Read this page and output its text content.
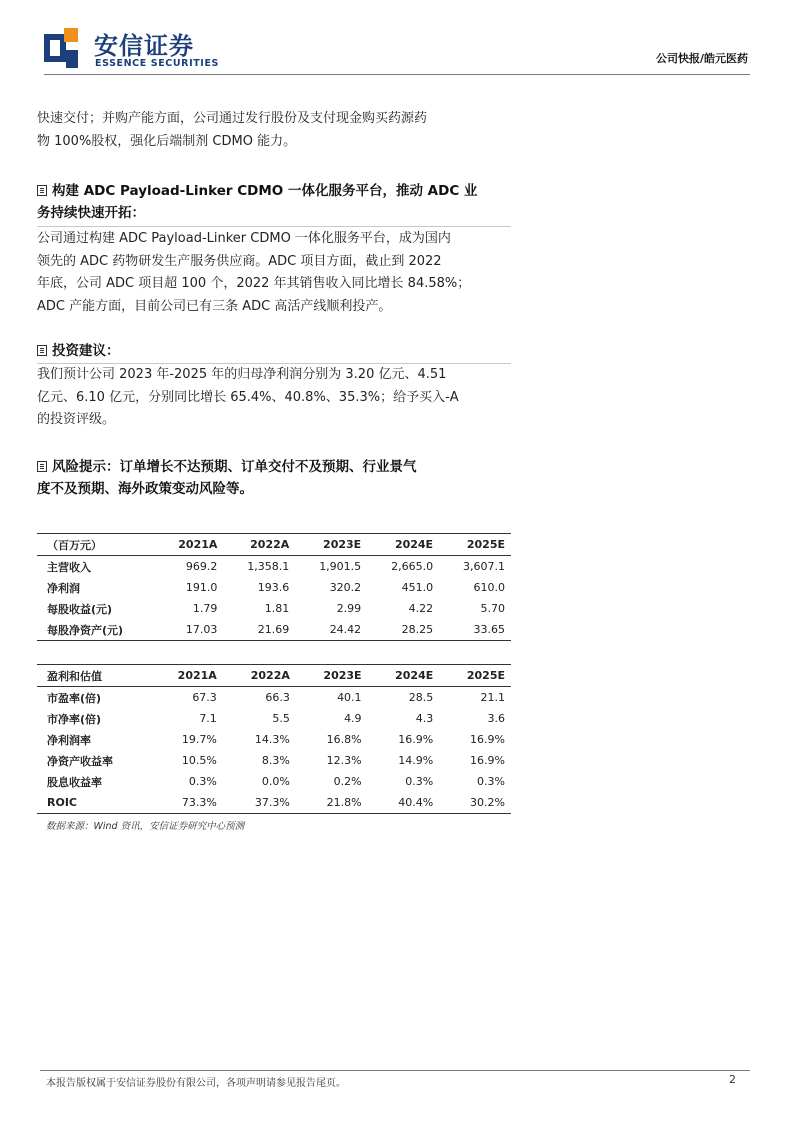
安信证券
ESSENCE SECURITIES	公司快报/皓元医药
快速交付；并购产能方面，公司通过发行股份及支付现金购买药源药
物 100%股权，强化后端制剂 CDMO 能力。
构建 ADC Payload-Linker CDMO 一体化服务平台，推动 ADC 业
务持续快速开拓：
公司通过构建 ADC Payload-Linker CDMO 一体化服务平台，成为国内
领先的 ADC 药物研发生产服务供应商。ADC 项目方面，截止到 2022
年底，公司 ADC 项目超 100 个，2022 年其销售收入同比增长 84.58%；
ADC 产能方面，目前公司已有三条 ADC 高活产线顺利投产。
投资建议：
我们预计公司 2023 年-2025 年的归母净利润分别为 3.20 亿元、4.51
亿元、6.10 亿元，分别同比增长 65.4%、40.8%、35.3%；给予买入-A
的投资评级。
风险提示：订单增长不达预期、订单交付不及预期、行业景气
度不及预期、海外政策变动风险等。
（百万元）	2021A	2022A	2023E	2024E	2025E
主营收入	969.2	1,358.1	1,901.5	2,665.0	3,607.1
净利润	191.0	193.6	320.2	451.0	610.0
每股收益(元)	1.79	1.81	2.99	4.22	5.70
每股净资产(元)	17.03	21.69	24.42	28.25	33.65
盈利和估值	2021A	2022A	2023E	2024E	2025E
市盈率(倍)	67.3	66.3	40.1	28.5	21.1
市净率(倍)	7.1	5.5	4.9	4.3	3.6
净利润率	19.7%	14.3%	16.8%	16.9%	16.9%
净资产收益率	10.5%	8.3%	12.3%	14.9%	16.9%
股息收益率	0.3%	0.0%	0.2%	0.3%	0.3%
ROIC	73.3%	37.3%	21.8%	40.4%	30.2%
数据来源：Wind 资讯，安信证券研究中心预测
本报告版权属于安信证券股份有限公司，各项声明请参见报告尾页。	2
